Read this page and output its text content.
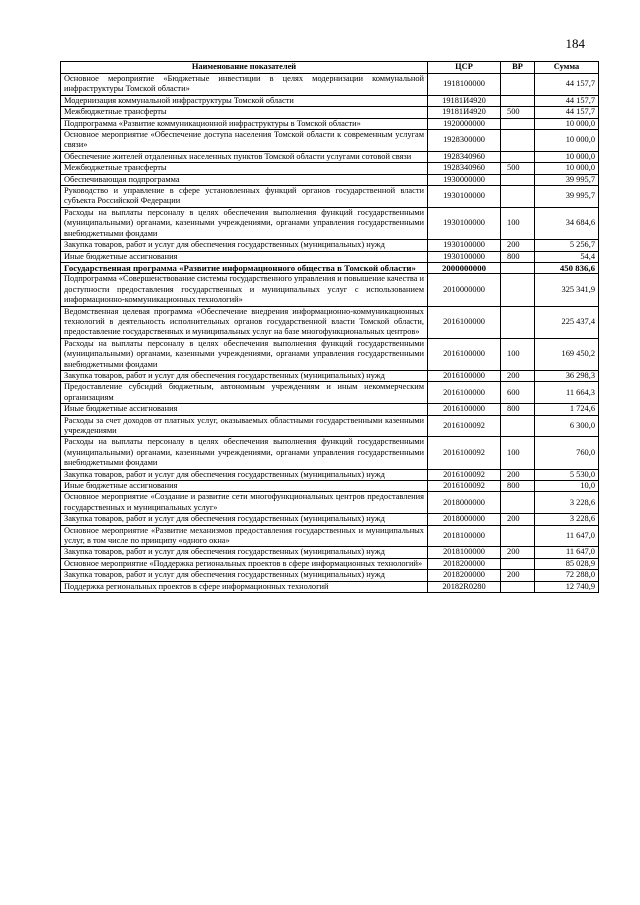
184
Наименование показателей	ЦСР	ВР	Сумма
Основное мероприятие «Бюджетные инвестиции в целях модернизации коммунальной инфраструктуры Томской области»	1918100000		44 157,7
Модернизация коммунальной инфраструктуры Томской области	19181И4920		44 157,7
Межбюджетные трансферты	19181И4920	500	44 157,7
Подпрограмма «Развитие коммуникационной инфраструктуры в Томской области»	1920000000		10 000,0
Основное мероприятие «Обеспечение доступа населения Томской области к современным услугам связи»	1928300000		10 000,0
Обеспечение жителей отдаленных населенных пунктов Томской области услугами сотовой связи	1928340960		10 000,0
Межбюджетные трансферты	1928340960	500	10 000,0
Обеспечивающая подпрограмма	1930000000		39 995,7
Руководство и управление в сфере установленных функций органов государственной власти субъекта Российской Федерации	1930100000		39 995,7
Расходы на выплаты персоналу в целях обеспечения выполнения функций государственными (муниципальными) органами, казенными учреждениями, органами управления государственными внебюджетными фондами	1930100000	100	34 684,6
Закупка товаров, работ и услуг для обеспечения государственных (муниципальных) нужд	1930100000	200	5 256,7
Иные бюджетные ассигнования	1930100000	800	54,4
Государственная программа «Развитие информационного общества в Томской области»	2000000000		450 836,6
Подпрограмма «Совершенствование системы государственного управления и повышение качества и доступности предоставления государственных и муниципальных услуг с использованием информационно-коммуникационных технологий»	2010000000		325 341,9
Ведомственная целевая программа «Обеспечение внедрения информационно-коммуникационных технологий в деятельность исполнительных органов государственной власти Томской области, предоставление государственных и муниципальных услуг на базе многофункциональных центров»	2016100000		225 437,4
Расходы на выплаты персоналу в целях обеспечения выполнения функций государственными (муниципальными) органами, казенными учреждениями, органами управления государственными внебюджетными фондами	2016100000	100	169 450,2
Закупка товаров, работ и услуг для обеспечения государственных (муниципальных) нужд	2016100000	200	36 298,3
Предоставление субсидий бюджетным, автономным учреждениям и иным некоммерческим организациям	2016100000	600	11 664,3
Иные бюджетные ассигнования	2016100000	800	1 724,6
Расходы за счет доходов от платных услуг, оказываемых областными государственными казенными учреждениями	2016100092		6 300,0
Расходы на выплаты персоналу в целях обеспечения выполнения функций государственными (муниципальными) органами, казенными учреждениями, органами управления государственными внебюджетными фондами	2016100092	100	760,0
Закупка товаров, работ и услуг для обеспечения государственных (муниципальных) нужд	2016100092	200	5 530,0
Иные бюджетные ассигнования	2016100092	800	10,0
Основное мероприятие «Создание и развитие сети многофункциональных центров предоставления государственных и муниципальных услуг»	2018000000		3 228,6
Закупка товаров, работ и услуг для обеспечения государственных (муниципальных) нужд	2018000000	200	3 228,6
Основное мероприятие «Развитие механизмов предоставления государственных и муниципальных услуг, в том числе по принципу «одного окна»	2018100000		11 647,0
Закупка товаров, работ и услуг для обеспечения государственных (муниципальных) нужд	2018100000	200	11 647,0
Основное мероприятие «Поддержка региональных проектов в сфере информационных технологий»	2018200000		85 028,9
Закупка товаров, работ и услуг для обеспечения государственных (муниципальных) нужд	2018200000	200	72 288,0
Поддержка региональных проектов в сфере информационных технологий	20182R0280		12 740,9
